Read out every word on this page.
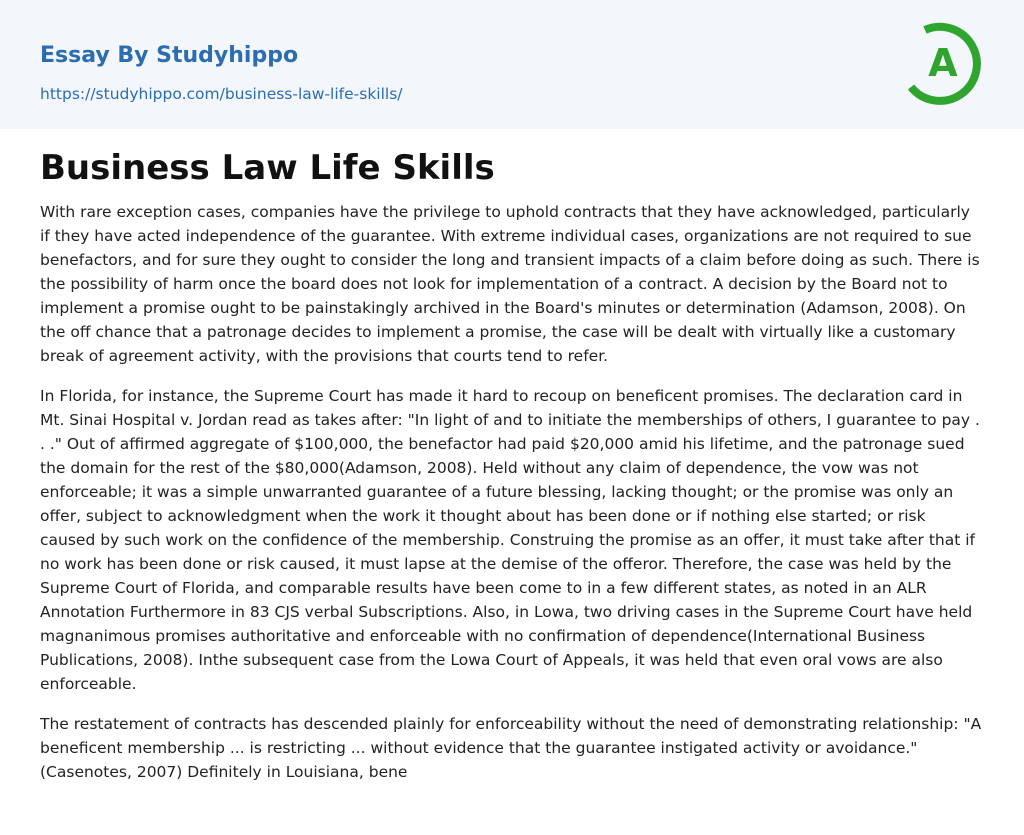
Essay By Studyhippo
https://studyhippo.com/business-law-life-skills/
A
Business Law Life Skills

With rare exception cases, companies have the privilege to uphold contracts that they have acknowledged, particularly if they have acted independence of the guarantee. With extreme individual cases, organizations are not required to sue benefactors, and for sure they ought to consider the long and transient impacts of a claim before doing as such. There is the possibility of harm once the board does not look for implementation of a contract. A decision by the Board not to implement a promise ought to be painstakingly archived in the Board's minutes or determination (Adamson, 2008). On the off chance that a patronage decides to implement a promise, the case will be dealt with virtually like a customary break of agreement activity, with the provisions that courts tend to refer.

In Florida, for instance, the Supreme Court has made it hard to recoup on beneficent promises. The declaration card in Mt. Sinai Hospital v. Jordan read as takes after: "In light of and to initiate the memberships of others, I guarantee to pay . . ." Out of affirmed aggregate of $100,000, the benefactor had paid $20,000 amid his lifetime, and the patronage sued the domain for the rest of the $80,000(Adamson, 2008). Held without any claim of dependence, the vow was not enforceable; it was a simple unwarranted guarantee of a future blessing, lacking thought; or the promise was only an offer, subject to acknowledgment when the work it thought about has been done or if nothing else started; or risk caused by such work on the confidence of the membership. Construing the promise as an offer, it must take after that if no work has been done or risk caused, it must lapse at the demise of the offeror. Therefore, the case was held by the Supreme Court of Florida, and comparable results have been come to in a few different states, as noted in an ALR Annotation Furthermore in 83 CJS verbal Subscriptions. Also, in Lowa, two driving cases in the Supreme Court have held magnanimous promises authoritative and enforceable with no confirmation of dependence(International Business Publications, 2008). Inthe subsequent case from the Lowa Court of Appeals, it was held that even oral vows are also enforceable.

The restatement of contracts has descended plainly for enforceability without the need of demonstrating relationship: "A beneficent membership ... is restricting ... without evidence that the guarantee instigated activity or avoidance." (Casenotes, 2007) Definitely in Louisiana, bene
